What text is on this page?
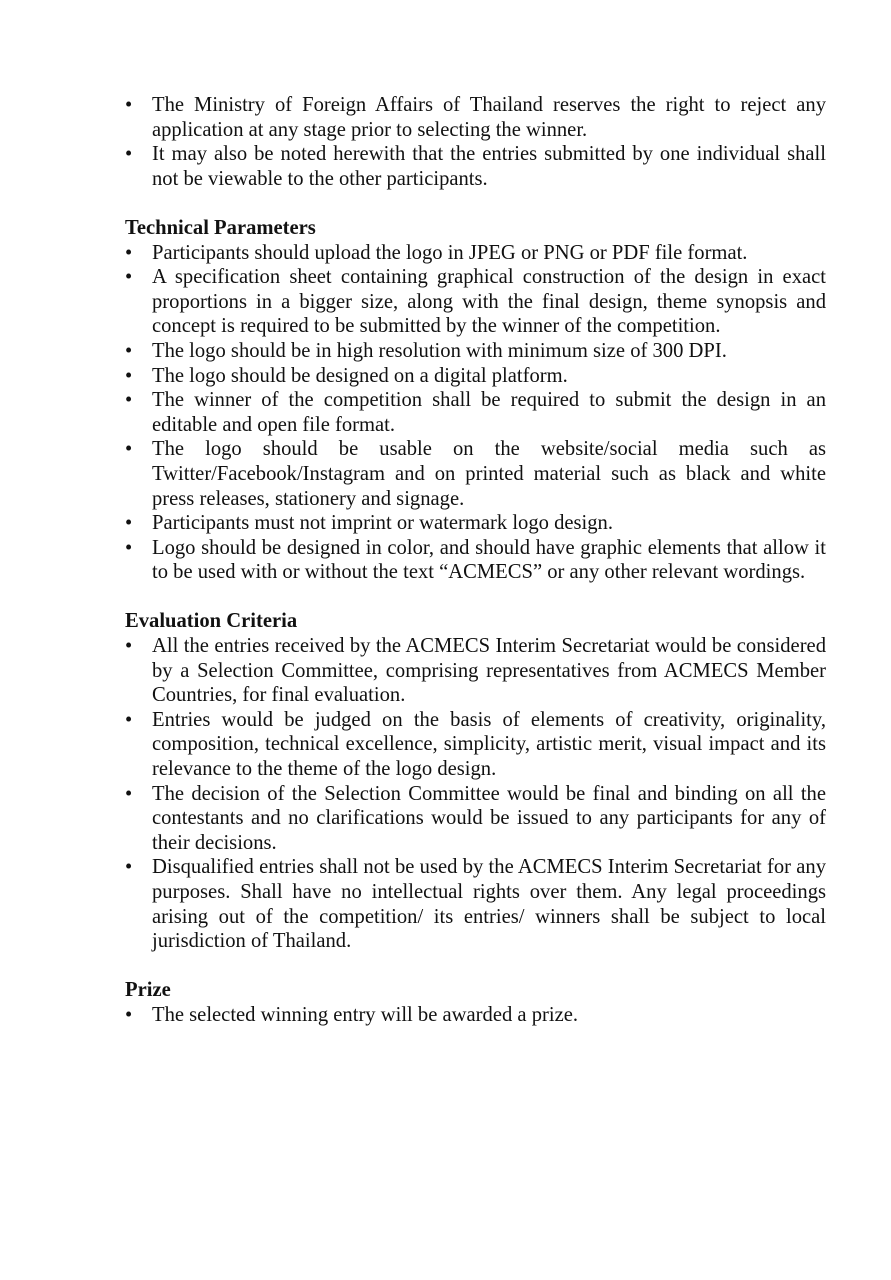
• The Ministry of Foreign Affairs of Thailand reserves the right to reject any application at any stage prior to selecting the winner.
• It may also be noted herewith that the entries submitted by one individual shall not be viewable to the other participants.
Technical Parameters
• Participants should upload the logo in JPEG or PNG or PDF file format.
• A specification sheet containing graphical construction of the design in exact proportions in a bigger size, along with the final design, theme synopsis and concept is required to be submitted by the winner of the competition.
• The logo should be in high resolution with minimum size of 300 DPI.
• The logo should be designed on a digital platform.
• The winner of the competition shall be required to submit the design in an editable and open file format.
• The logo should be usable on the website/social media such as Twitter/Facebook/Instagram and on printed material such as black and white press releases, stationery and signage.
• Participants must not imprint or watermark logo design.
• Logo should be designed in color, and should have graphic elements that allow it to be used with or without the text “ACMECS” or any other relevant wordings.
Evaluation Criteria
• All the entries received by the ACMECS Interim Secretariat would be considered by a Selection Committee, comprising representatives from ACMECS Member Countries, for final evaluation.
• Entries would be judged on the basis of elements of creativity, originality, composition, technical excellence, simplicity, artistic merit, visual impact and its relevance to the theme of the logo design.
• The decision of the Selection Committee would be final and binding on all the contestants and no clarifications would be issued to any participants for any of their decisions.
• Disqualified entries shall not be used by the ACMECS Interim Secretariat for any purposes. Shall have no intellectual rights over them. Any legal proceedings arising out of the competition/ its entries/ winners shall be subject to local jurisdiction of Thailand.
Prize
• The selected winning entry will be awarded a prize.
